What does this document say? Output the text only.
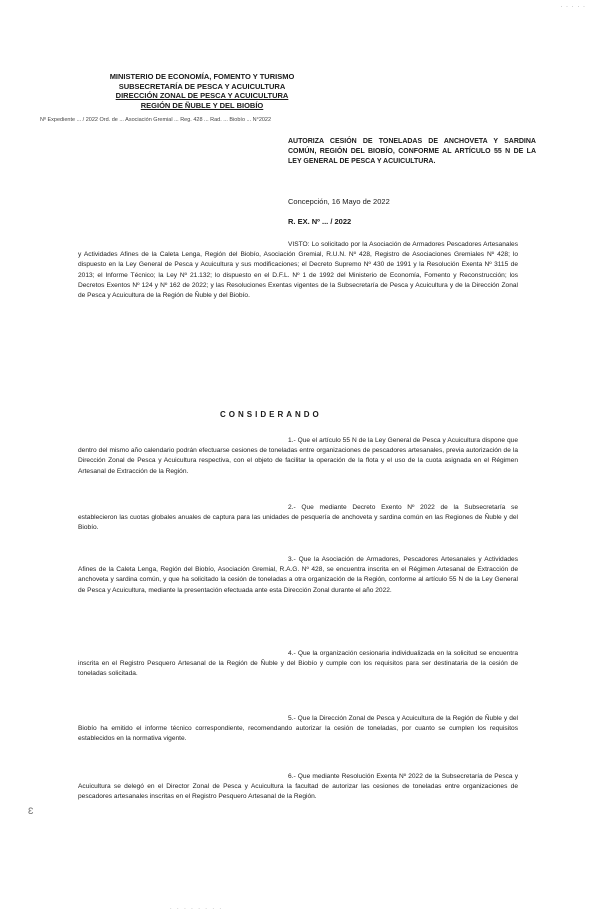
· · · · ·
MINISTERIO DE ECONOMÍA, FOMENTO Y TURISMO
SUBSECRETARÍA DE PESCA Y ACUICULTURA
DIRECCIÓN ZONAL DE PESCA Y ACUICULTURA
REGIÓN DE ÑUBLE Y DEL BIOBÍO
Nº Expediente ... / 2022 Ord. de ... Asociación Gremial ... Reg. 428 ... Rad. ... Biobío ... N°2022
AUTORIZA CESIÓN DE TONELADAS DE ANCHOVETA Y SARDINA COMÚN, REGIÓN DEL BIOBÍO, CONFORME AL ARTÍCULO 55 N DE LA LEY GENERAL DE PESCA Y ACUICULTURA.
Concepción, 16 Mayo de 2022
R. EX. Nº ... / 2022
VISTO: Lo solicitado por la Asociación de Armadores Pescadores Artesanales y Actividades Afines de la Caleta Lenga, Región del Biobío, Asociación Gremial, R.U.N. Nº 428, Registro de Asociaciones Gremiales Nº 428; lo dispuesto en la Ley General de Pesca y Acuicultura y sus modificaciones; el Decreto Supremo Nº 430 de 1991 y la Resolución Exenta Nº 3115 de 2013; el Informe Técnico; la Ley Nº 21.132; lo dispuesto en el D.F.L. Nº 1 de 1992 del Ministerio de Economía, Fomento y Reconstrucción; los Decretos Exentos Nº 124 y Nº 162 de 2022; y las Resoluciones Exentas vigentes de la Subsecretaría de Pesca y Acuicultura y de la Dirección Zonal de Pesca y Acuicultura de la Región de Ñuble y del Biobío.
CONSIDERANDO
1.- Que el artículo 55 N de la Ley General de Pesca y Acuicultura dispone que dentro del mismo año calendario podrán efectuarse cesiones de toneladas entre organizaciones de pescadores artesanales, previa autorización de la Dirección Zonal de Pesca y Acuicultura respectiva, con el objeto de facilitar la operación de la flota y el uso de la cuota asignada en el Régimen Artesanal de Extracción de la Región.
2.- Que mediante Decreto Exento Nº 2022 de la Subsecretaría se establecieron las cuotas globales anuales de captura para las unidades de pesquería de anchoveta y sardina común en las Regiones de Ñuble y del Biobío.
3.- Que la Asociación de Armadores, Pescadores Artesanales y Actividades Afines de la Caleta Lenga, Región del Biobío, Asociación Gremial, R.A.G. Nº 428, se encuentra inscrita en el Régimen Artesanal de Extracción de anchoveta y sardina común, y que ha solicitado la cesión de toneladas a otra organización de la Región, conforme al artículo 55 N de la Ley General de Pesca y Acuicultura, mediante la presentación efectuada ante esta Dirección Zonal durante el año 2022.
4.- Que la organización cesionaria individualizada en la solicitud se encuentra inscrita en el Registro Pesquero Artesanal de la Región de Ñuble y del Biobío y cumple con los requisitos para ser destinataria de la cesión de toneladas solicitada.
5.- Que la Dirección Zonal de Pesca y Acuicultura de la Región de Ñuble y del Biobío ha emitido el informe técnico correspondiente, recomendando autorizar la cesión de toneladas, por cuanto se cumplen los requisitos establecidos en la normativa vigente.
6.- Que mediante Resolución Exenta Nº 2022 de la Subsecretaría de Pesca y Acuicultura se delegó en el Director Zonal de Pesca y Acuicultura la facultad de autorizar las cesiones de toneladas entre organizaciones de pescadores artesanales inscritas en el Registro Pesquero Artesanal de la Región.
Ɛ
· · · · · · · ·
